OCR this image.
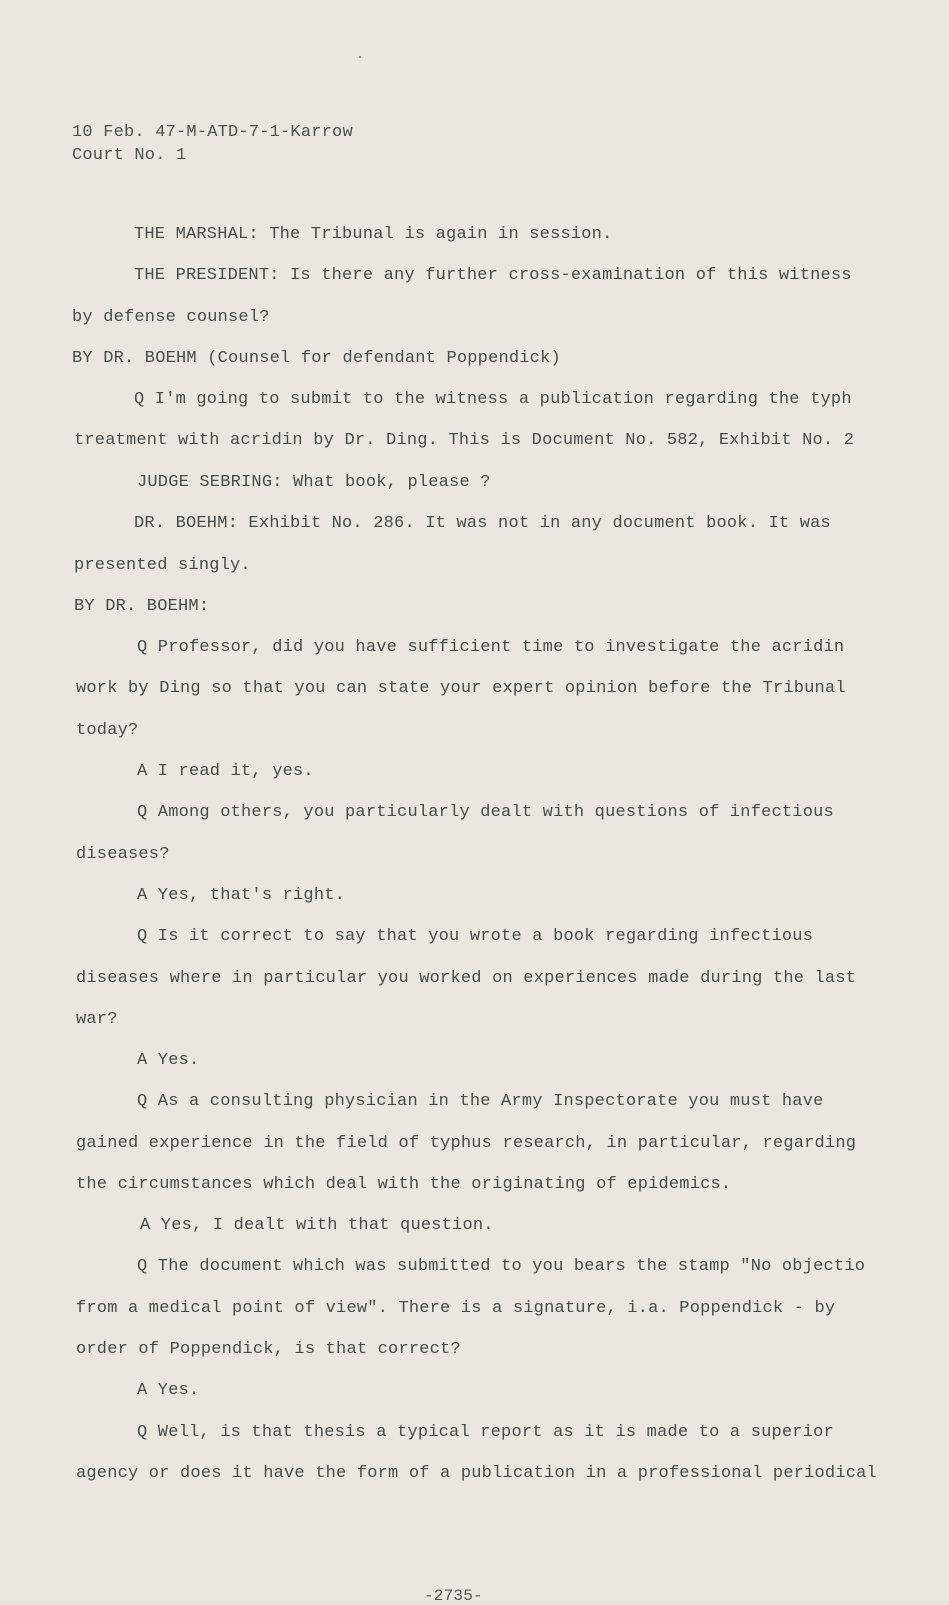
10 Feb. 47-M-ATD-7-1-Karrow
Court No. 1
THE MARSHAL: The Tribunal is again in session.
THE PRESIDENT: Is there any further cross-examination of this witness
by defense counsel?
BY DR. BOEHM (Counsel for defendant Poppendick)
Q I'm going to submit to the witness a publication regarding the typh
treatment with acridin by Dr. Ding. This is Document No. 582, Exhibit No. 2
JUDGE SEBRING: What book, please ?
DR. BOEHM: Exhibit No. 286. It was not in any document book. It was
presented singly.
BY DR. BOEHM:
Q Professor, did you have sufficient time to investigate the acridin
work by Ding so that you can state your expert opinion before the Tribunal
today?
A I read it, yes.
Q Among others, you particularly dealt with questions of infectious
diseases?
A Yes, that's right.
Q Is it correct to say that you wrote a book regarding infectious
diseases where in particular you worked on experiences made during the last
war?
A Yes.
Q As a consulting physician in the Army Inspectorate you must have
gained experience in the field of typhus research, in particular, regarding
the circumstances which deal with the originating of epidemics.
A Yes, I dealt with that question.
Q The document which was submitted to you bears the stamp "No objectio
from a medical point of view". There is a signature, i.a. Poppendick - by
order of Poppendick, is that correct?
A Yes.
Q Well, is that thesis a typical report as it is made to a superior
agency or does it have the form of a publication in a professional periodical
-2735-
